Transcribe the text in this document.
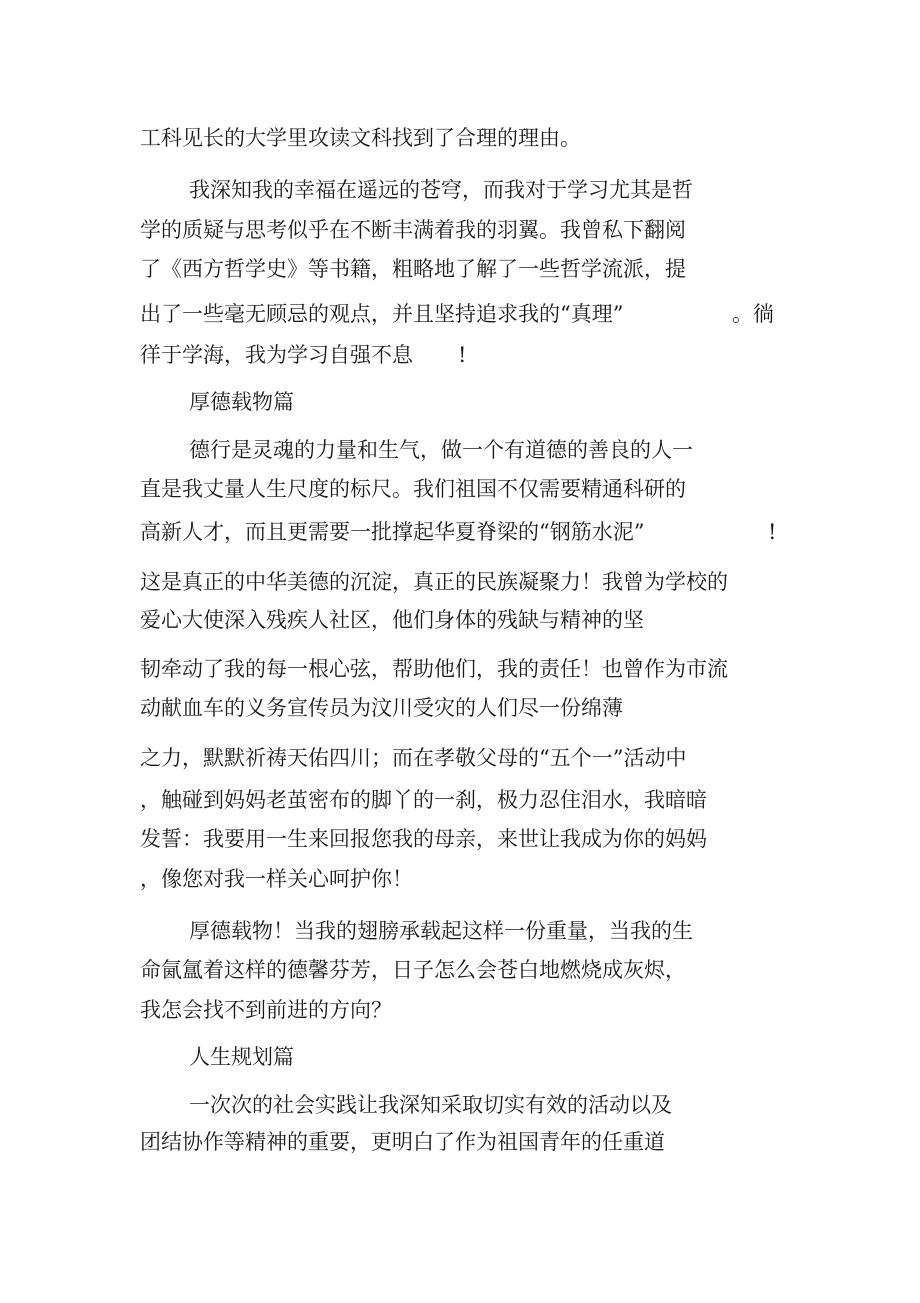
工科见长的大学里攻读文科找到了合理的理由。
我深知我的幸福在遥远的苍穹，而我对于学习尤其是哲
学的质疑与思考似乎在不断丰满着我的羽翼。我曾私下翻阅
了《西方哲学史》等书籍，粗略地了解了一些哲学流派，提
出了一些毫无顾忌的观点，并且坚持追求我的“真理”	。徜
徉于学海，我为学习自强不息 !
厚德载物篇
德行是灵魂的力量和生气，做一个有道德的善良的人一
直是我丈量人生尺度的标尺。我们祖国不仅需要精通科研的
高新人才，而且更需要一批撑起华夏脊梁的“钢筋水泥”	!
这是真正的中华美德的沉淀，真正的民族凝聚力！我曾为学校的
爱心大使深入残疾人社区，他们身体的残缺与精神的坚
韧牵动了我的每一根心弦，帮助他们，我的责任！也曾作为市流
动献血车的义务宣传员为汶川受灾的人们尽一份绵薄
之力，默默祈祷天佑四川；而在孝敬父母的“五个一”活动中
，触碰到妈妈老茧密布的脚丫的一刹，极力忍住泪水，我暗暗
发誓：我要用一生来回报您我的母亲，来世让我成为你的妈妈
，像您对我一样关心呵护你！
厚德载物！当我的翅膀承载起这样一份重量，当我的生
命氤氲着这样的德馨芬芳，日子怎么会苍白地燃烧成灰烬，
我怎会找不到前进的方向？
人生规划篇
一次次的社会实践让我深知采取切实有效的活动以及
团结协作等精神的重要，更明白了作为祖国青年的任重道
